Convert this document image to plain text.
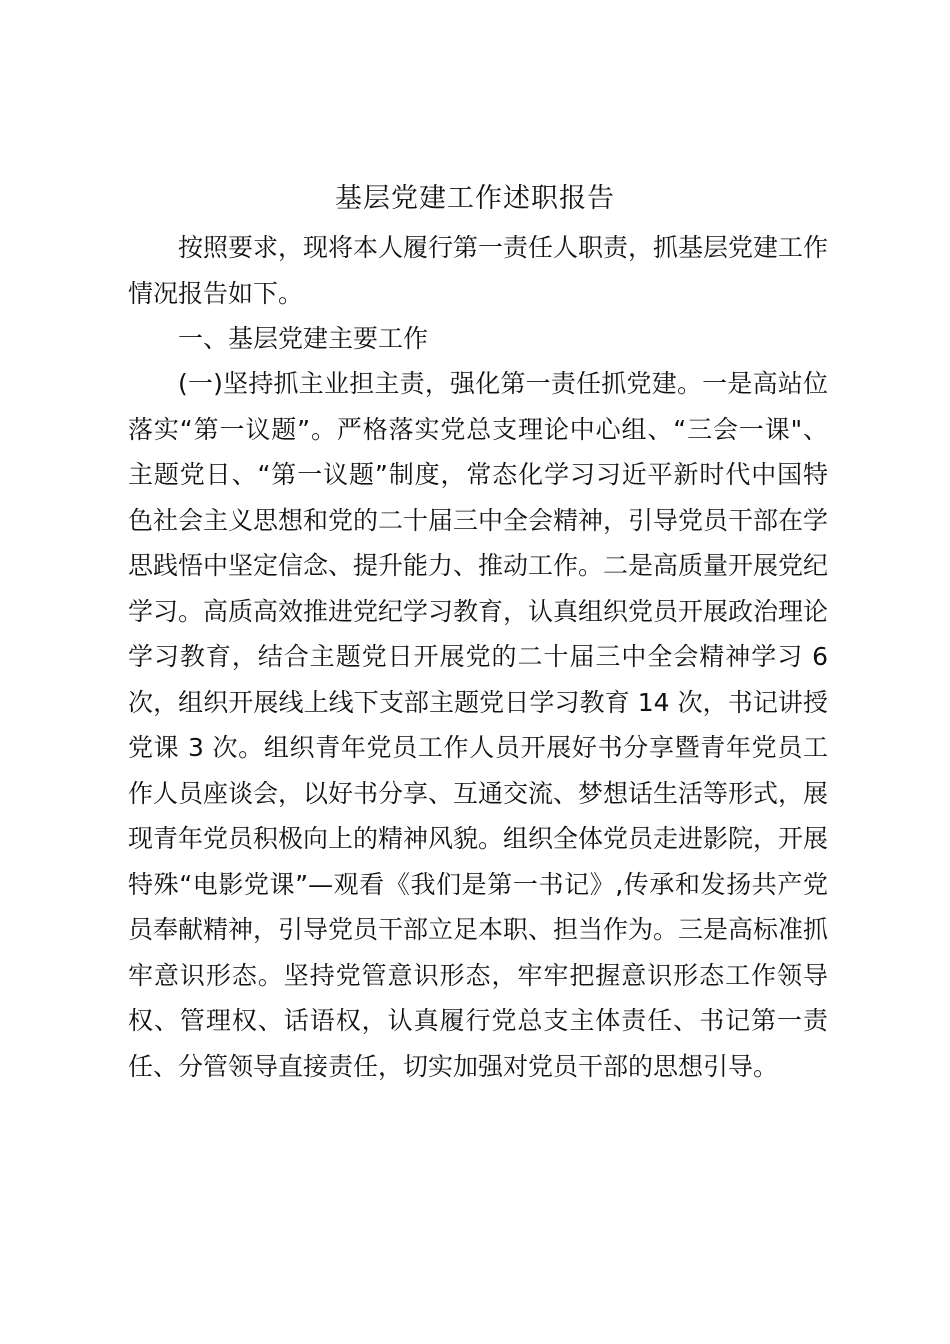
基层党建工作述职报告

按照要求，现将本人履行第一责任人职责，抓基层党建工作情况报告如下。

一、基层党建主要工作

(一)坚持抓主业担主责，强化第一责任抓党建。一是高站位落实“第一议题”。严格落实党总支理论中心组、“三会一课"、主题党日、“第一议题”制度，常态化学习习近平新时代中国特色社会主义思想和党的二十届三中全会精神，引导党员干部在学思践悟中坚定信念、提升能力、推动工作。二是高质量开展党纪学习。高质高效推进党纪学习教育，认真组织党员开展政治理论学习教育，结合主题党日开展党的二十届三中全会精神学习 6 次，组织开展线上线下支部主题党日学习教育 14 次，书记讲授党课 3 次。组织青年党员工作人员开展好书分享暨青年党员工作人员座谈会，以好书分享、互通交流、梦想话生活等形式，展现青年党员积极向上的精神风貌。组织全体党员走进影院，开展特殊“电影党课”—观看《我们是第一书记》,传承和发扬共产党员奉献精神，引导党员干部立足本职、担当作为。三是高标准抓牢意识形态。坚持党管意识形态，牢牢把握意识形态工作领导权、管理权、话语权，认真履行党总支主体责任、书记第一责任、分管领导直接责任，切实加强对党员干部的思想引导。
